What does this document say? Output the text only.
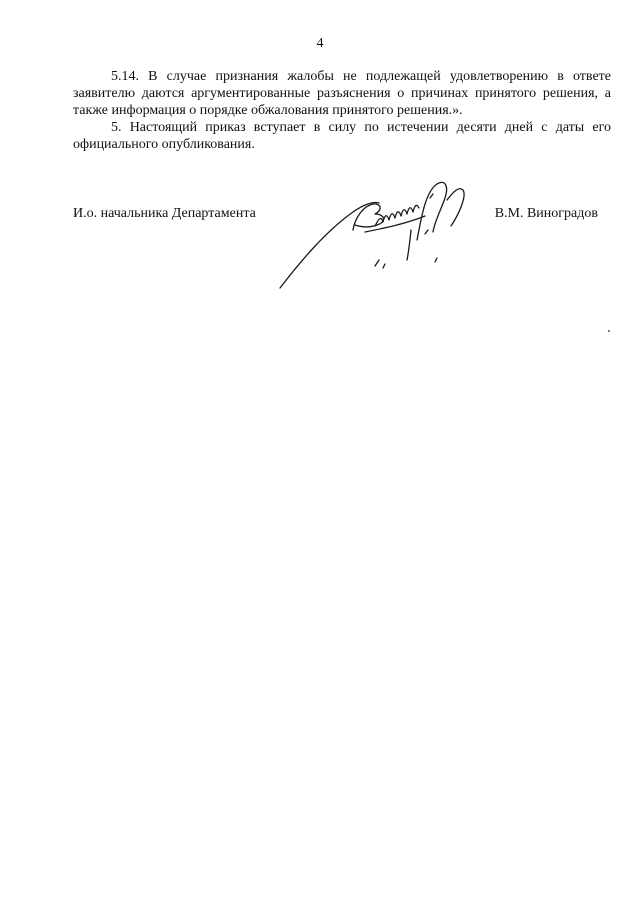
4

5.14. В случае признания жалобы не подлежащей удовлетворению в ответе заявителю даются аргументированные разъяснения о причинах принятого решения, а также информация о порядке обжалования принятого решения.».

5. Настоящий приказ вступает в силу по истечении десяти дней с даты его официального опубликования.

И.о. начальника Департамента	В.М. Виноградов
